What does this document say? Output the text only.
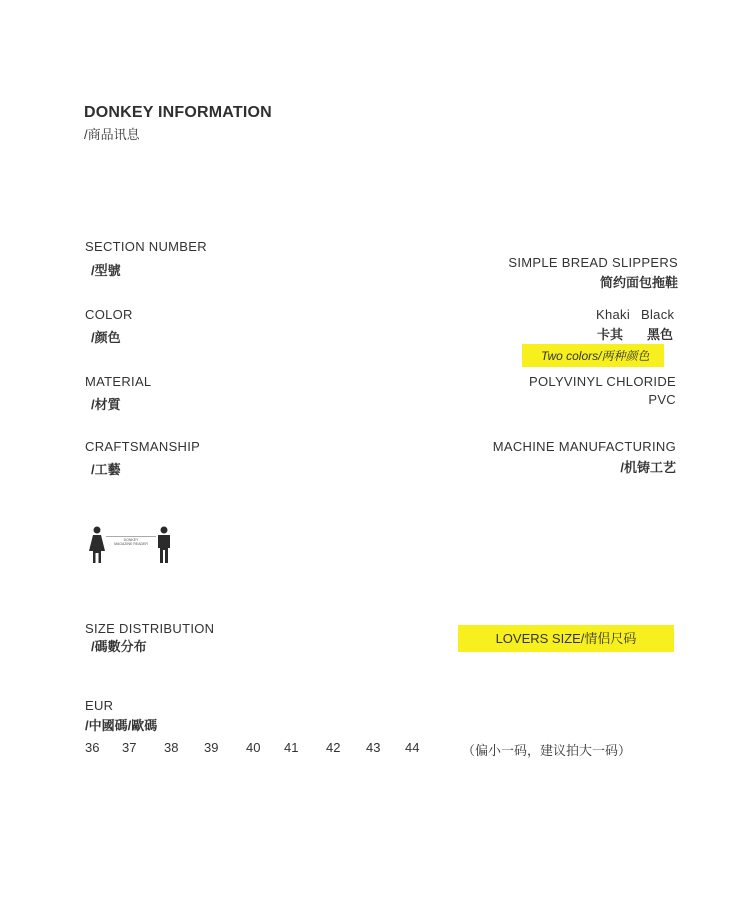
DONKEY INFORMATION
/商品讯息
SECTION NUMBER
/型號
SIMPLE BREAD SLIPPERS
简约面包拖鞋
COLOR
/颜色
Khaki
卡其
Black
黑色
Two colors/两种颜色
MATERIAL
/材質
POLYVINYL CHLORIDE
PVC
CRAFTSMANSHIP
/工藝
MACHINE MANUFACTURING
/机铸工艺
DONKEY
MAGAZINE READER
SIZE DISTRIBUTION
/碼數分布
LOVERS SIZE/情侣尺码
EUR
/中國碼/歐碼
36 37 38 39 40 41 42 43 44	（偏小一码，建议拍大一码）
